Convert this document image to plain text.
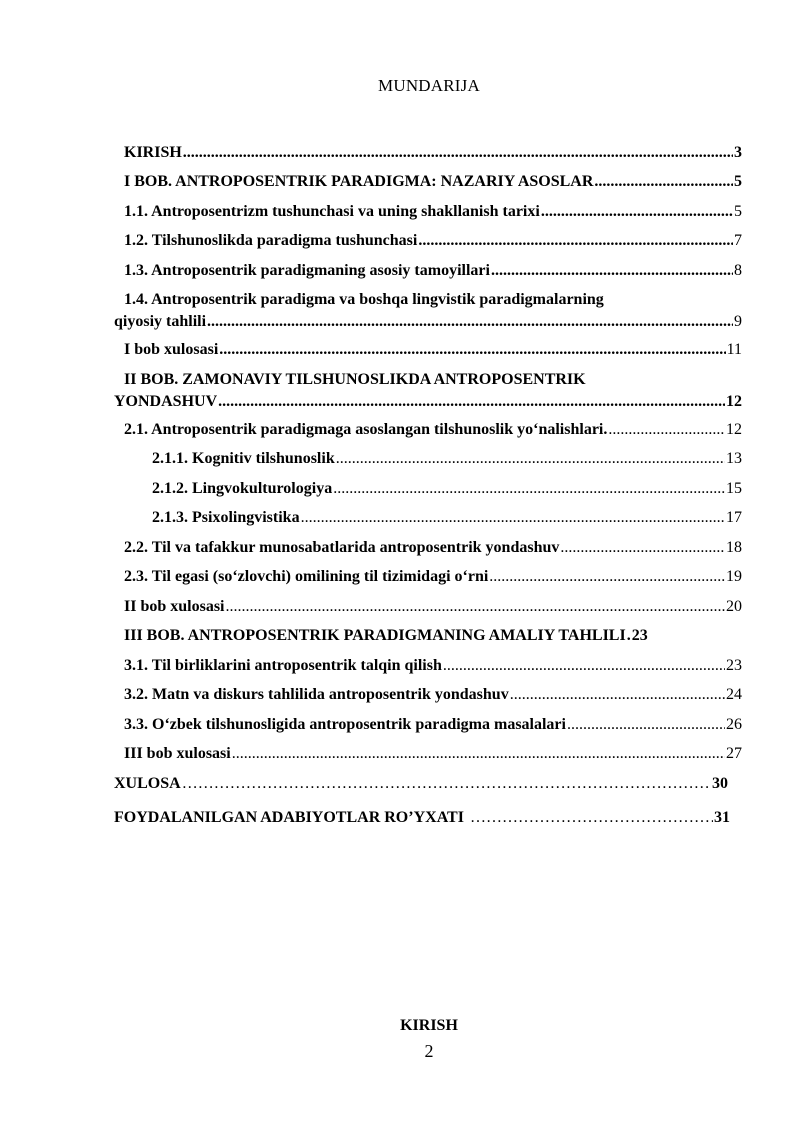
MUNDARIJA
KIRISH .....	3
I BOB. ANTROPOSENTRIK PARADIGMA: NAZARIY ASOSLAR .....	5
1.1. Antroposentrizm tushunchasi va uning shakllanish tarixi .....	5
1.2. Tilshunoslikda paradigma tushunchasi .....	7
1.3. Antroposentrik paradigmaning asosiy tamoyillari .....	8
1.4. Antroposentrik paradigma va boshqa lingvistik paradigmalarning
qiyosiy tahlili .....	9
I bob xulosasi .....	11
II BOB. ZAMONAVIY TILSHUNOSLIKDA ANTROPOSENTRIK
YONDASHUV .....	12
2.1. Antroposentrik paradigmaga asoslangan tilshunoslik yo‘nalishlari. .....	12
2.1.1. Kognitiv tilshunoslik .....	13
2.1.2. Lingvokulturologiya .....	15
2.1.3. Psixolingvistika .....	17
2.2. Til va tafakkur munosabatlarida antroposentrik yondashuv .....	18
2.3. Til egasi (so‘zlovchi) omilining til tizimidagi o‘rni .....	19
II bob xulosasi .....	20
III BOB. ANTROPOSENTRIK PARADIGMANING AMALIY TAHLILI ..... 23
3.1. Til birliklarini antroposentrik talqin qilish .....	23
3.2. Matn va diskurs tahlilida antroposentrik yondashuv .....	24
3.3. O‘zbek tilshunosligida antroposentrik paradigma masalalari .....	26
III bob xulosasi .....	27
XULOSA ……………………………………………………………………………………………………………………………	30
FOYDALANILGAN ADABIYOTLAR RO’YXATI ……………………………………………………………………………………………………………………………	31
KIRISH
2
